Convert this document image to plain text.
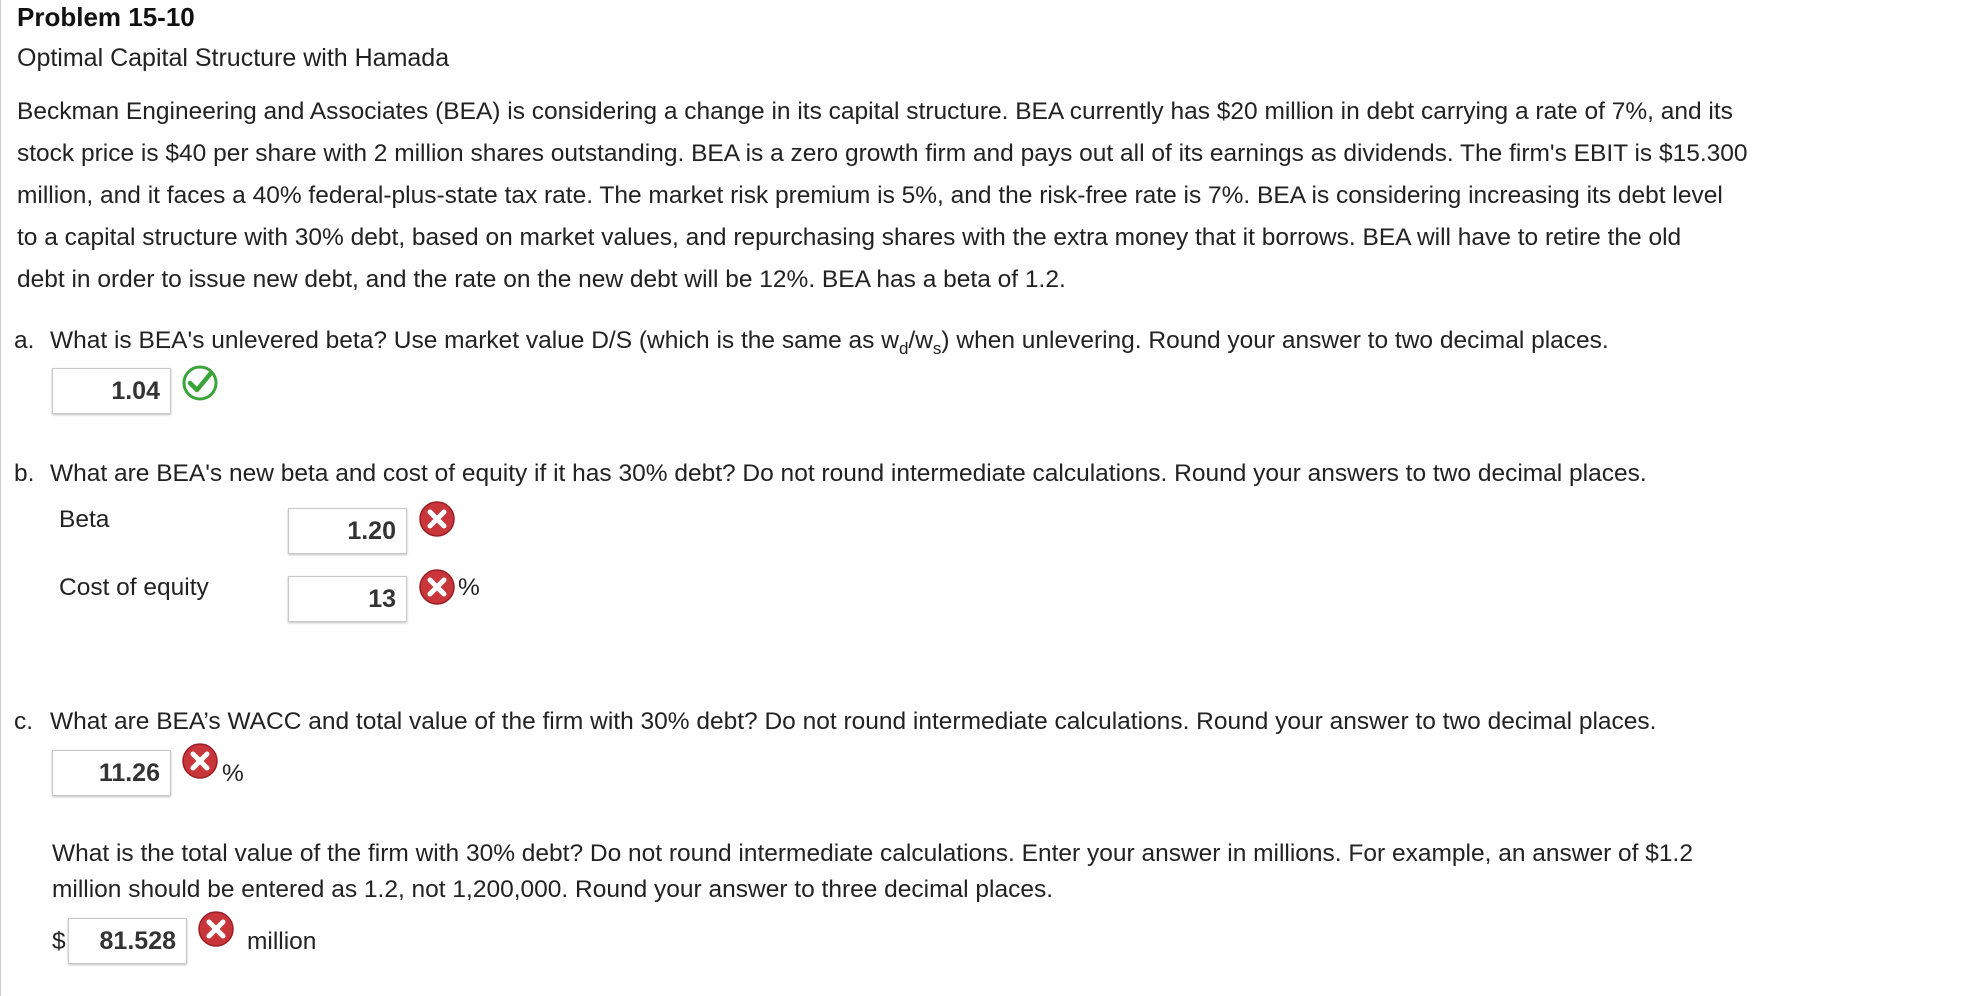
Problem 15-10
Optimal Capital Structure with Hamada
Beckman Engineering and Associates (BEA) is considering a change in its capital structure. BEA currently has $20 million in debt carrying a rate of 7%, and its
stock price is $40 per share with 2 million shares outstanding. BEA is a zero growth firm and pays out all of its earnings as dividends. The firm's EBIT is $15.300
million, and it faces a 40% federal-plus-state tax rate. The market risk premium is 5%, and the risk-free rate is 7%. BEA is considering increasing its debt level
to a capital structure with 30% debt, based on market values, and repurchasing shares with the extra money that it borrows. BEA will have to retire the old
debt in order to issue new debt, and the rate on the new debt will be 12%. BEA has a beta of 1.2.
a. What is BEA's unlevered beta? Use market value D/S (which is the same as $w_d/w_s$) when unlevering. Round your answer to two decimal places.
1.04
b. What are BEA's new beta and cost of equity if it has 30% debt? Do not round intermediate calculations. Round your answers to two decimal places.
Beta	1.20
Cost of equity	13	%
c. What are BEA’s WACC and total value of the firm with 30% debt? Do not round intermediate calculations. Round your answer to two decimal places.
11.26	%
What is the total value of the firm with 30% debt? Do not round intermediate calculations. Enter your answer in millions. For example, an answer of $1.2
million should be entered as 1.2, not 1,200,000. Round your answer to three decimal places.
$	81.528	million
